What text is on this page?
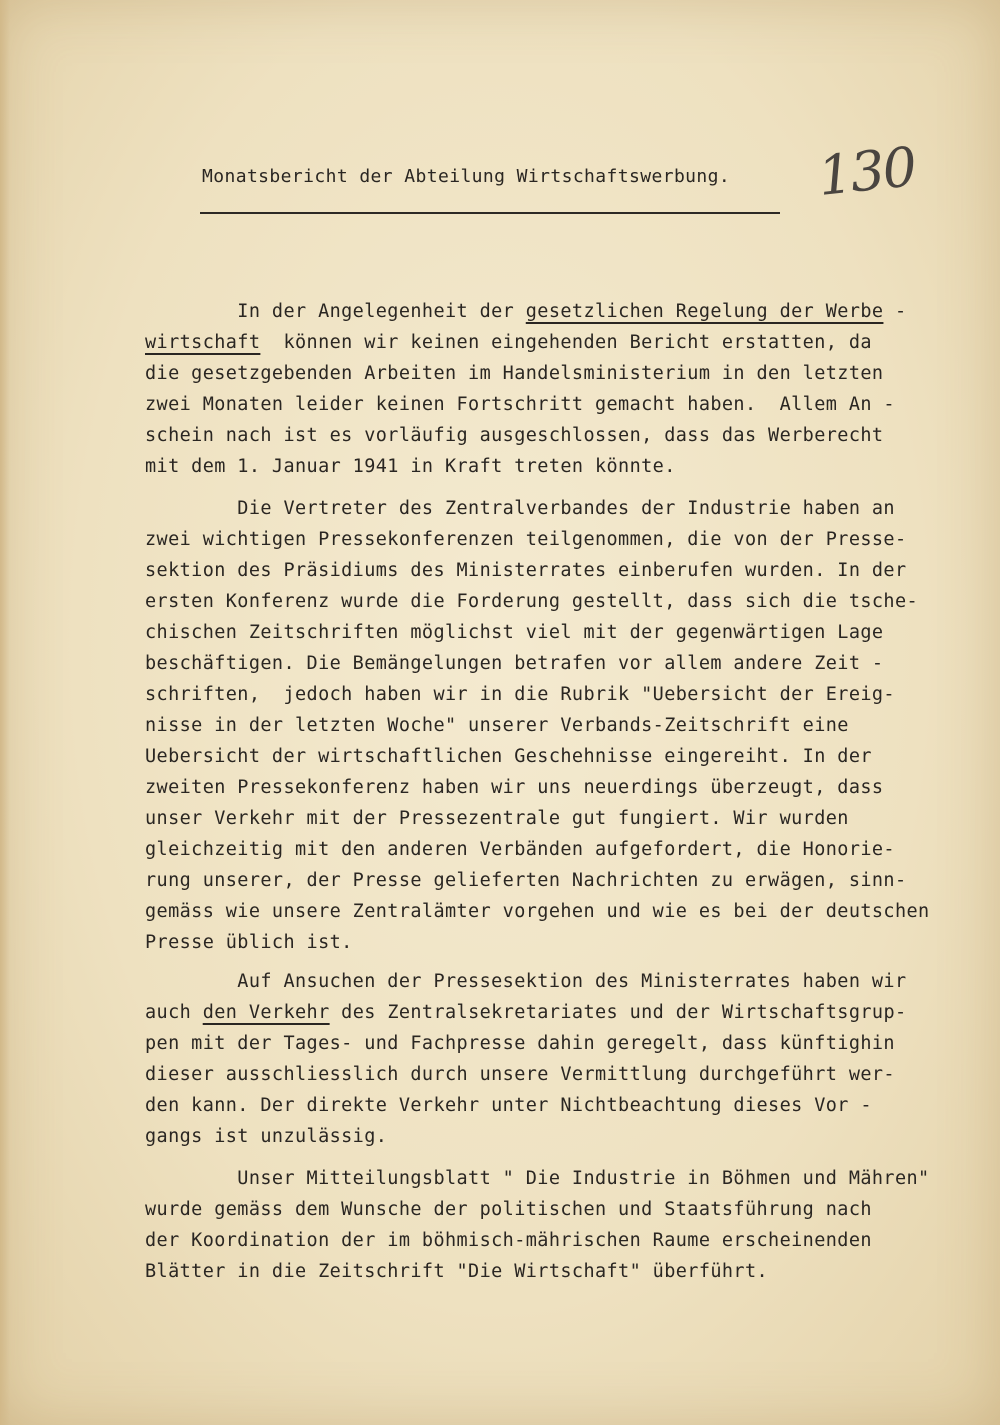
Monatsbericht der Abteilung Wirtschaftswerbung. 130
In der Angelegenheit der gesetzlichen Regelung der Werbe -
wirtschaft  können wir keinen eingehenden Bericht erstatten, da
die gesetzgebenden Arbeiten im Handelsministerium in den letzten
zwei Monaten leider keinen Fortschritt gemacht haben.  Allem An -
schein nach ist es vorläufig ausgeschlossen, dass das Werberecht
mit dem 1. Januar 1941 in Kraft treten könnte.
Die Vertreter des Zentralverbandes der Industrie haben an
zwei wichtigen Pressekonferenzen teilgenommen, die von der Presse-
sektion des Präsidiums des Ministerrates einberufen wurden. In der
ersten Konferenz wurde die Forderung gestellt, dass sich die tsche-
chischen Zeitschriften möglichst viel mit der gegenwärtigen Lage
beschäftigen. Die Bemängelungen betrafen vor allem andere Zeit -
schriften,  jedoch haben wir in die Rubrik "Uebersicht der Ereig-
nisse in der letzten Woche" unserer Verbands-Zeitschrift eine
Uebersicht der wirtschaftlichen Geschehnisse eingereiht. In der
zweiten Pressekonferenz haben wir uns neuerdings überzeugt, dass
unser Verkehr mit der Pressezentrale gut fungiert. Wir wurden
gleichzeitig mit den anderen Verbänden aufgefordert, die Honorie-
rung unserer, der Presse gelieferten Nachrichten zu erwägen, sinn-
gemäss wie unsere Zentralämter vorgehen und wie es bei der deutschen
Presse üblich ist.
Auf Ansuchen der Pressesektion des Ministerrates haben wir
auch den Verkehr des Zentralsekretariates und der Wirtschaftsgrup-
pen mit der Tages- und Fachpresse dahin geregelt, dass künftighin
dieser ausschliesslich durch unsere Vermittlung durchgeführt wer-
den kann. Der direkte Verkehr unter Nichtbeachtung dieses Vor -
gangs ist unzulässig.
Unser Mitteilungsblatt " Die Industrie in Böhmen und Mähren"
wurde gemäss dem Wunsche der politischen und Staatsführung nach
der Koordination der im böhmisch-mährischen Raume erscheinenden
Blätter in die Zeitschrift "Die Wirtschaft" überführt.
